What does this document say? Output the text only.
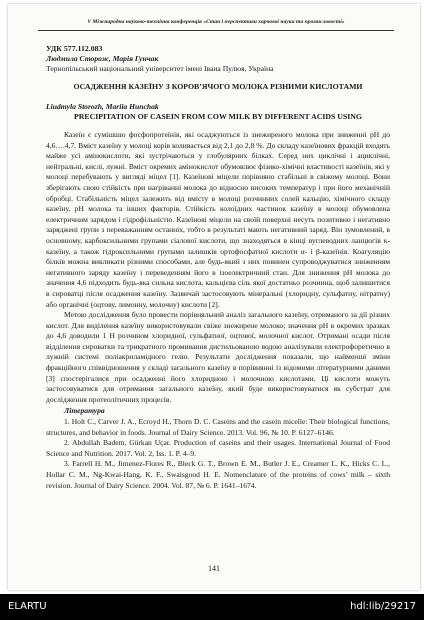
V Міжнародна науково-технічна конференція «Стан і перспективи харчової науки та промисловості»
УДК 577.112.083
Людмила Сторож, Марія Гунчак
Тернопільський національний університет імені Івана Пулюя, Україна
ОСАДЖЕННЯ КАЗЕЇНУ З КОРОВ’ЯЧОГО МОЛОКА РІЗНИМИ КИСЛОТАМИ
Liudmyla Storozh, Mariia Hunchak
PRECIPITATION OF CASEIN FROM COW MILK BY DIFFERENT ACIDS USING

Казеїн є сумішшю фосфопротеїнів, які осаджуються із знежиреного молока при зниженні рН до 4,6….4,7. Вміст казеїну у молоці корів коливається від 2,1 до 2,8 %. До складу казеїнових фракцій входять майже усі амінокислоти, які зустрічаються у глобулярних білках. Серед них циклічні і ациклічні, нейтральні, кислі, лужні. Вміст окремих амінокислот обумовлює фізико-хімічні властивості казеїнів, які у молоці перебувають у вигляді міцел [1]. Казеїнові міцели порівняно стабільні в свіжому молоці. Вони зберігають свою стійкість при нагріванні молока до відносно високих температур і при його механічній обробці. Стабільність міцел залежить від вмісту в молоці розчинних солей кальцію, хімічного складу казеїну, рН молока та інших факторів. Стійкість колоїдних частинок казеїну в молоці обумовлена електричним зарядом і гідрофільністю. Казеїнові міцели на своїй поверхні несуть позитивно і негативно заряджені групи з переважанням останніх, тобто в результаті мають негативний заряд. Він зумовлений, в основному, карбоксильними групами сіалової кислоти, що знаходяться в кінці вуглеводних ланцюгів κ-казеїну, а також гідроксильними групами залишків ортофосфатної кислоти α- і β-казеїнів. Коагуляцію білків можна викликати різними способами, але будь-який з них повинен супроводжуватися зниженням негативного заряду казеїну і переведенням його в ізоелектричний стан. Для зниження рН молока до значення 4,6 підходить будь-яка сильна кислота, кальцієва сіль якої достатньо розчинна, щоб залишитися в сироватці після осадження казеїну. Зазвичай застосовують мінеральні (хлоридну, сульфатну, нітратну) або органічні (оцтову, лимонну, молочну) кислоти [2].

Метою дослідження було провести порівняльний аналіз загального казеїну, отриманого за дії різних кислот. Для виділення казеїну використовували свіже знежирене молоко; значення рН в окремих зразках до 4,6 доводили 1 Н розчином хлоридної, сульфатної, оцтової, молочної кислот. Отримані осади після відділення сироватки та трикратного промивання дистильованою водою аналізували електрофоретично в лужній системі поліакриламідного гелю. Результати дослідження показали, що найменші зміни фракційного співвідношення у складі загального казеїну в порівнянні із відомими літературними даними [3] спостерігалися при осадженні його хлоридною і молочною кислотами. Ці кислоти можуть застосовуватися для отримання загального казеїну, який буде використовуватися як субстрат для дослідження протеолітичних процесів.

Література

1. Holt C., Carver J. A., Ecroyd H., Thorn D. C. Caseins and the casein micelle: Their biological functions, structures, and behavior in foods. Journal of Dairy Science. 2013. Vol. 96, № 10. P. 6127–6146.

2. Abdullah Badem, Gürkan Uçar. Production of caseins and their usages. International Journal of Food Science and Nutrition. 2017. Vol. 2, Iss. 1. P. 4–9.

3. Farrell H. M., Jimenez-Flores R., Bleck G. T., Brown E. M., Butler J. E., Creamer L. K., Hicks C. L., Hollar C. M., Ng-Kwai-Hang, K. F., Swaisgood H. E. Nomenclature of the proteins of cows’ milk – sixth revision. Journal of Dairy Science. 2004. Vol. 87, № 6. P. 1641–1674.

141
ELARTU	hdl:lib/29217
